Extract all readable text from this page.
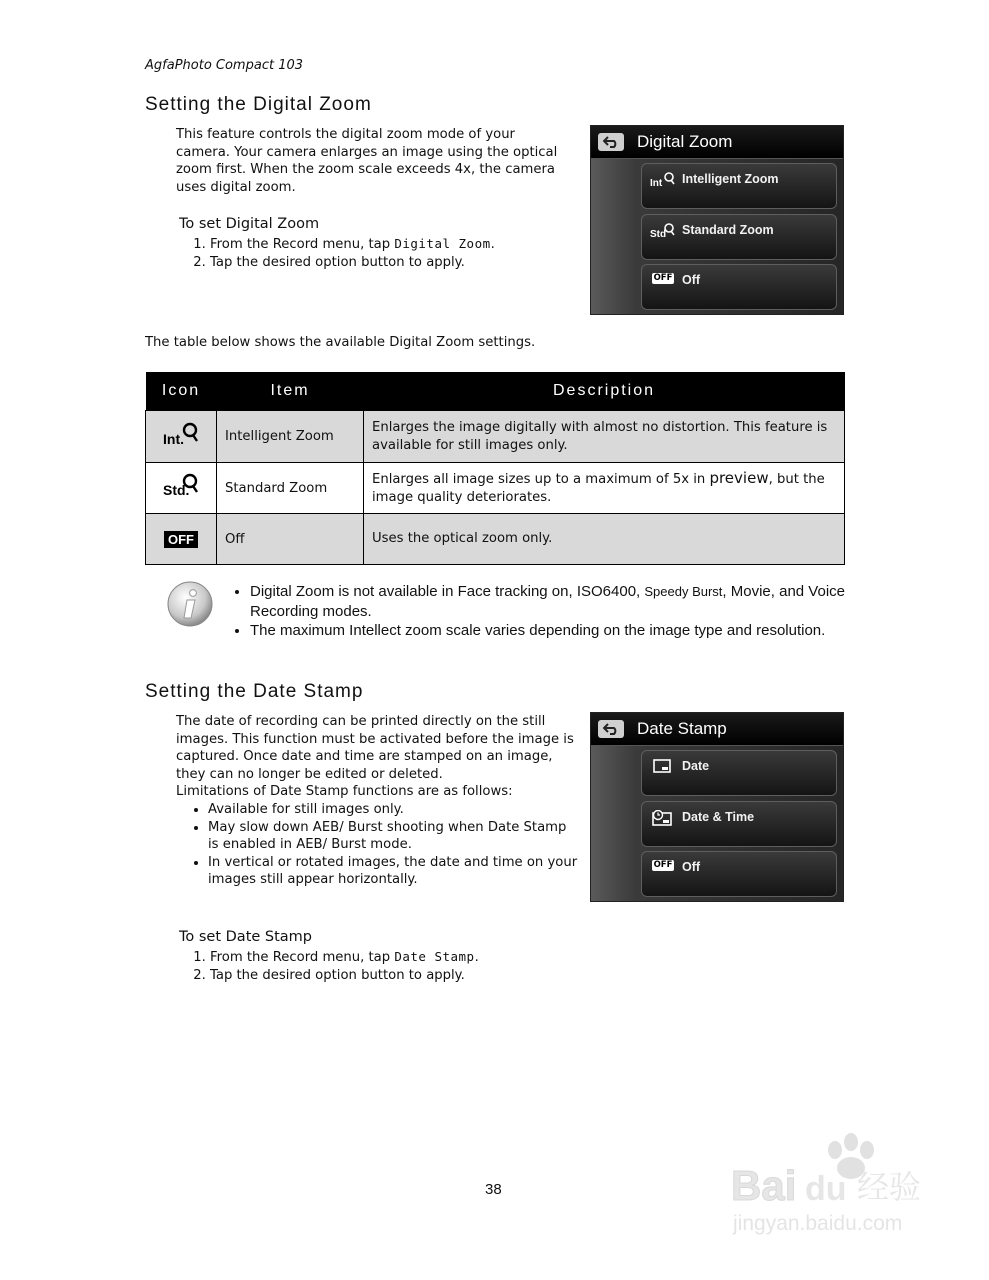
AgfaPhoto Compact 103
Setting the Digital Zoom
This feature controls the digital zoom mode of your camera. Your camera enlarges an image using the optical zoom first. When the zoom scale exceeds 4x, the camera uses digital zoom.
To set Digital Zoom
1. From the Record menu, tap Digital Zoom.
2. Tap the desired option button to apply.
Digital Zoom
Int Intelligent Zoom
Std Standard Zoom
OFF Off
The table below shows the available Digital Zoom settings.
Icon	Item	Description

Int.	Intelligent Zoom	Enlarges the image digitally with almost no distortion. This feature is available for still images only.

Std.	Standard Zoom	Enlarges all image sizes up to a maximum of 5x in preview, but the image quality deteriorates.
OFF	Off	Uses the optical zoom only.
• Digital Zoom is not available in Face tracking on, ISO6400, Speedy Burst, Movie, and Voice Recording modes.
• The maximum Intellect zoom scale varies depending on the image type and resolution.
Setting the Date Stamp
The date of recording can be printed directly on the still images. This function must be activated before the image is captured. Once date and time are stamped on an image, they can no longer be edited or deleted.
Limitations of Date Stamp functions are as follows:
• Available for still images only.
• May slow down AEB/ Burst shooting when Date Stamp is enabled in AEB/ Burst mode.
• In vertical or rotated images, the date and time on your images still appear horizontally.
Date Stamp
Date
Date & Time
OFF Off
To set Date Stamp
1. From the Record menu, tap Date Stamp.
2. Tap the desired option button to apply.
38	Bai du 经验
jingyan.baidu.com
